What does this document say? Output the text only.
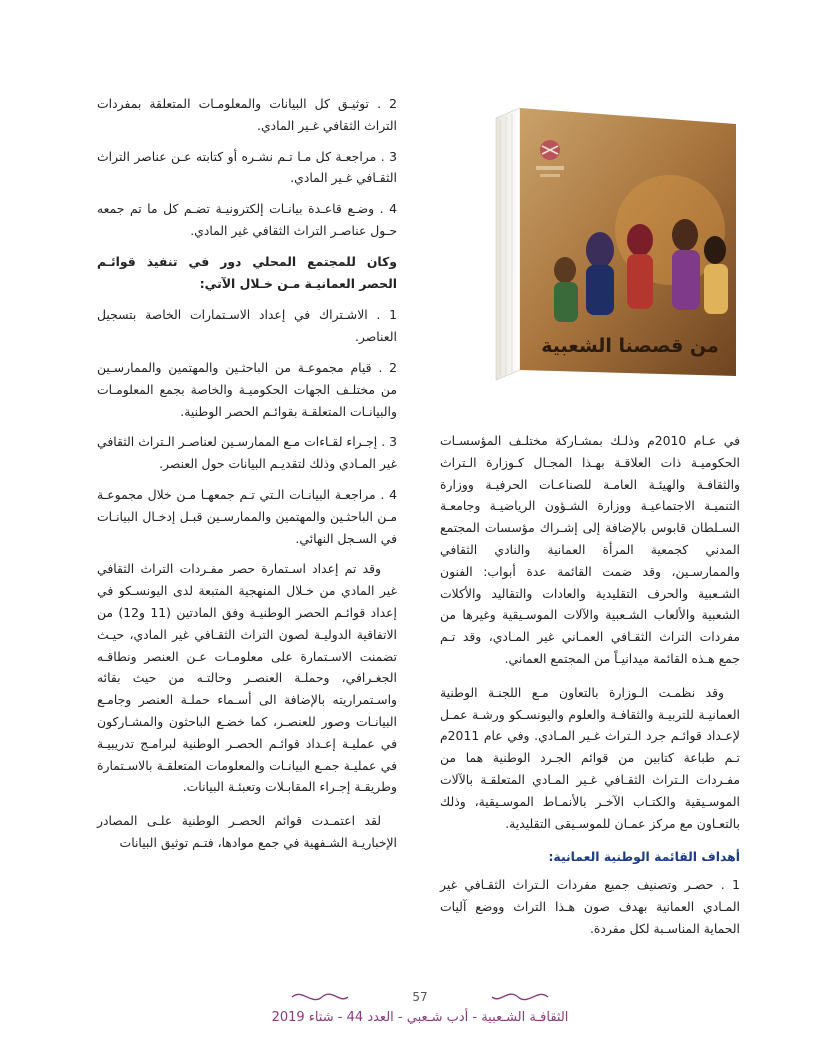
2 . توثيـق كل البيانات والمعلومـات المتعلقة بمفردات التراث الثقافي غـير المادي.
3 . مراجعـة كل مـا تـم نشـره أو كتابته عـن عناصر التراث الثقـافي غـير المادي.
4 . وضـع قاعـدة بيانـات إلكترونيـة تضـم كل ما تم جمعه حـول عناصـر التراث الثقافي غير المادي.
وكان للمجتمع المحلي دور في تنفيذ قوائـم الحصر العمانيـة مـن خـلال الآتي:
1 . الاشـتراك في إعداد الاسـتمارات الخاصة بتسجيل العناصر.
2 . قيام مجموعـة من الباحثـين والمهتمين والممارسـين من مختلـف الجهات الحكوميـة والخاصة بجمع المعلومـات والبيانـات المتعلقـة بقوائـم الحصر الوطنية.
3 . إجـراء لقـاءات مـع الممارسـين لعناصـر الـتراث الثقافي غير المـادي وذلك لتقديـم البيانات حول العنصر.
4 . مراجعـة البيانـات الـتي تـم جمعهـا مـن خلال مجموعـة مـن الباحثـين والمهتمين والممارسـين قبـل إدخـال البيانـات في السـجل النهائي.

وقد تم إعداد اسـتمارة حصر مفـردات التراث الثقافي غير المادي من خـلال المنهجية المتبعة لدى اليونسـكو في إعداد قوائـم الحصر الوطنيـة وفق المادتين (11 و12) من الاتفاقية الدوليـة لصون التراث الثقـافي غير المادي، حيـث تضمنت الاسـتمارة على معلومـات عـن العنصر ونطاقـه الجغـرافي، وحملـة العنصـر وحالتـه من حيث بقائه واسـتمراريته بالإضافة الى أسـماء حملـة العنصر وجامـع البيانـات وصور للعنصـر، كما خضـع الباحثون والمشـاركون في عمليـة إعـداد قوائـم الحصـر الوطنية لبرامـج تدريبيـة في عمليـة جمـع البيانـات والمعلومات المتعلقـة بالاسـتمارة وطريقـة إجـراء المقابـلات وتعبئـة البيانات.

لقد اعتمـدت قوائم الحصـر الوطنية علـى المصادر الإخباريـة الشـفهية في جمع موادها، فتـم توثيق البيانات

من قصصنا الشعبية

في عـام 2010م وذلـك بمشـاركة مختلـف المؤسسـات الحكوميـة ذات العلاقـة بهـذا المجـال كـوزارة الـتراث والثقافـة والهيئـة العامـة للصناعـات الحرفيـة ووزارة التنميـة الاجتماعيـة ووزارة الشـؤون الرياضيـة وجامعـة السـلطان قابوس بالإضافة إلى إشـراك مؤسسات المجتمع المدني كجمعية المرأة العمانية والنادي الثقافي والممارسـين، وقد ضمت القائمة عدة أبواب: الفنون الشـعبية والحرف التقليدية والعادات والتقاليد والأكلات الشعبية والألعاب الشـعبية والآلات الموسـيقية وغيرها من مفردات التراث الثقـافي العمـاني غير المـادي، وقد تـم جمع هـذه القائمة ميدانيـاً من المجتمع العماني.

وقد نظمـت الـوزارة بالتعاون مـع اللجنـة الوطنية العمانيـة للتربيـة والثقافـة والعلوم واليونسـكو ورشـة عمـل لإعـداد قوائـم جرد الـتراث غـير المـادي. وفي عام 2011م تـم طباعة كتابين من قوائم الجـرد الوطنية هما من مفـردات الـتراث الثقـافي غـير المـادي المتعلقـة بالآلات الموسـيقية والكتـاب الآخـر بالأنمـاط الموسـيقية، وذلك بالتعـاون مع مركز عمـان للموسـيقى التقليدية.

أهداف القائمة الوطنية العمانية:
1 . حصـر وتصنيف جميع مفردات الـتراث الثقـافي غير المـادي العمانية بهدف صون هـذا التراث ووضع آليات الحماية المناسـبة لكل مفردة.
57
الثقافـة الشـعبية - أدب شـعبي - العدد 44 - شتاء 2019
